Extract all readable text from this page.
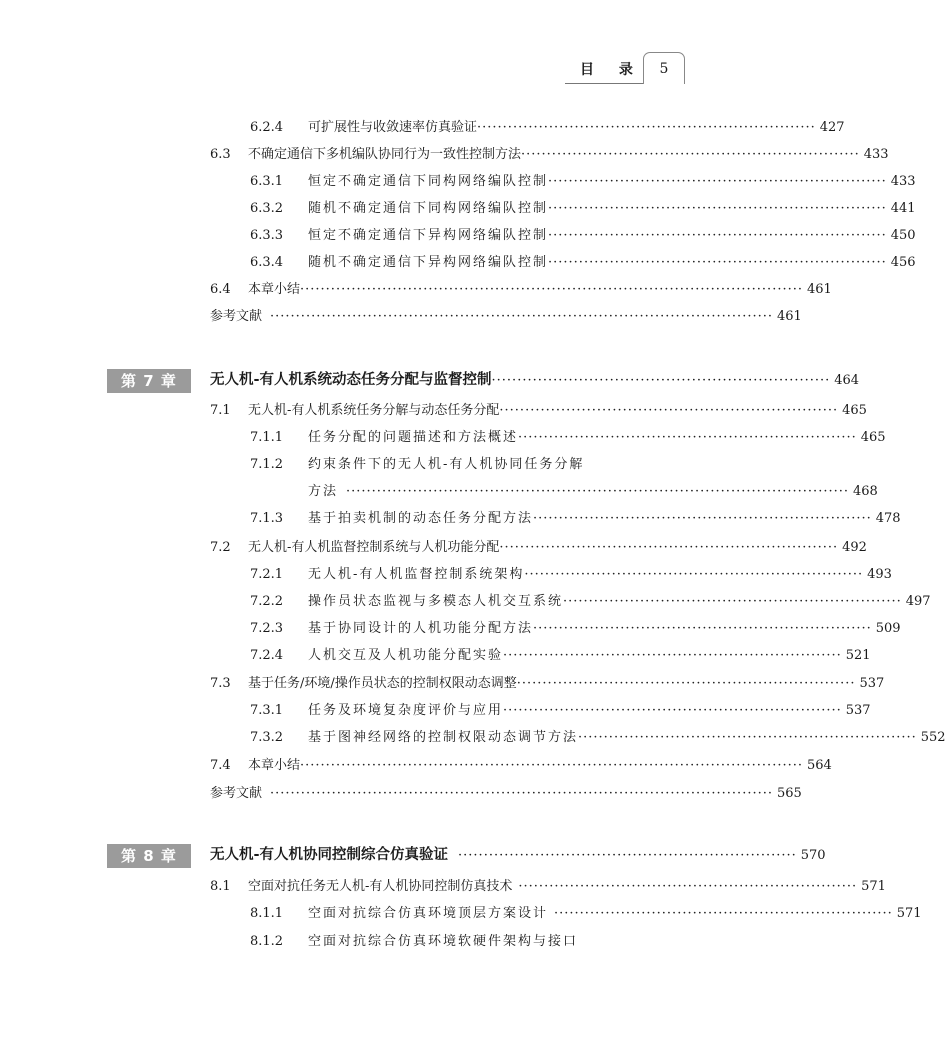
目 录	5
6.2.4	可扩展性与收敛速率仿真验证 ·································································· 427
6.3	不确定通信下多机编队协同行为一致性控制方法 ·································································· 433
6.3.1	恒定不确定通信下同构网络编队控制 ·································································· 433
6.3.2	随机不确定通信下同构网络编队控制 ·································································· 441
6.3.3	恒定不确定通信下异构网络编队控制 ·································································· 450
6.3.4	随机不确定通信下异构网络编队控制 ·································································· 456
6.4	本章小结 ·································································································· 461
参考文献 ·································································································· 461
第 7 章	无人机-有人机系统动态任务分配与监督控制 ·································································· 464
7.1	无人机-有人机系统任务分解与动态任务分配 ·································································· 465
7.1.1	任务分配的问题描述和方法概述 ·································································· 465
7.1.2	约束条件下的无人机-有人机协同任务分解
方法 ·································································································· 468
7.1.3	基于拍卖机制的动态任务分配方法 ·································································· 478
7.2	无人机-有人机监督控制系统与人机功能分配 ·································································· 492
7.2.1	无人机-有人机监督控制系统架构 ·································································· 493
7.2.2	操作员状态监视与多模态人机交互系统 ·································································· 497
7.2.3	基于协同设计的人机功能分配方法 ·································································· 509
7.2.4	人机交互及人机功能分配实验 ·································································· 521
7.3	基于任务/环境/操作员状态的控制权限动态调整 ·································································· 537
7.3.1	任务及环境复杂度评价与应用 ·································································· 537
7.3.2	基于图神经网络的控制权限动态调节方法 ·································································· 552
7.4	本章小结 ·································································································· 564
参考文献 ·································································································· 565
第 8 章	无人机-有人机协同控制综合仿真验证 ·································································· 570
8.1	空面对抗任务无人机-有人机协同控制仿真技术 ·································································· 571
8.1.1	空面对抗综合仿真环境顶层方案设计 ·································································· 571
8.1.2	空面对抗综合仿真环境软硬件架构与接口
